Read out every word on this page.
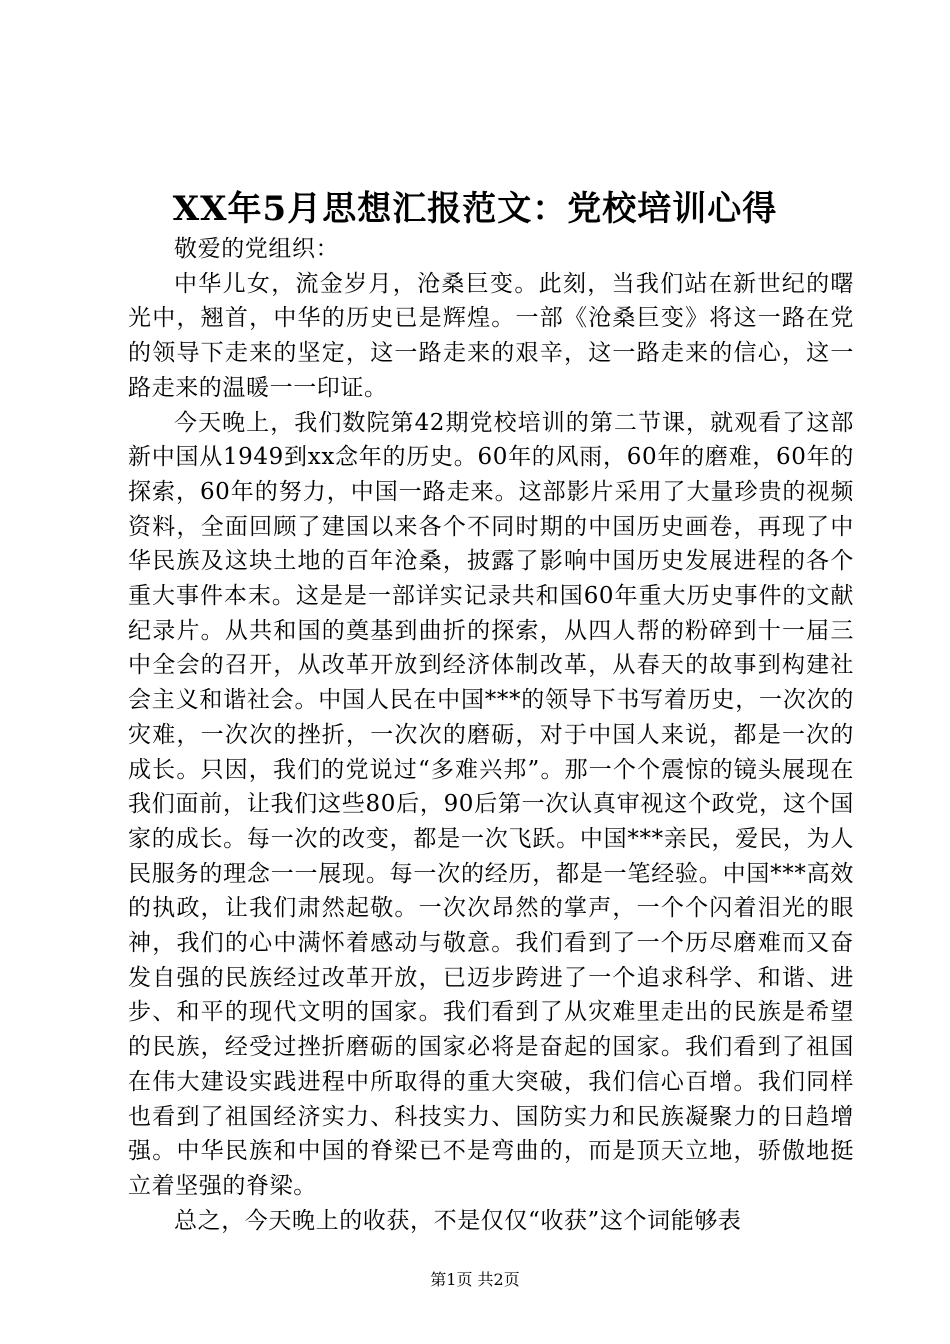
XX年5月思想汇报范文：党校培训心得

敬爱的党组织：

中华儿女，流金岁月，沧桑巨变。此刻，当我们站在新世纪的曙光中，翘首，中华的历史已是辉煌。一部《沧桑巨变》将这一路在党的领导下走来的坚定，这一路走来的艰辛，这一路走来的信心，这一路走来的温暖一一印证。

今天晚上，我们数院第42期党校培训的第二节课，就观看了这部新中国从1949到xx念年的历史。60年的风雨，60年的磨难，60年的探索，60年的努力，中国一路走来。这部影片采用了大量珍贵的视频资料，全面回顾了建国以来各个不同时期的中国历史画卷，再现了中华民族及这块土地的百年沧桑，披露了影响中国历史发展进程的各个重大事件本末。这是是一部详实记录共和国60年重大历史事件的文献纪录片。从共和国的奠基到曲折的探索，从四人帮的粉碎到十一届三中全会的召开，从改革开放到经济体制改革，从春天的故事到构建社会主义和谐社会。中国人民在中国***的领导下书写着历史，一次次的灾难，一次次的挫折，一次次的磨砺，对于中国人来说，都是一次的成长。只因，我们的党说过“多难兴邦”。那一个个震惊的镜头展现在我们面前，让我们这些80后，90后第一次认真审视这个政党，这个国家的成长。每一次的改变，都是一次飞跃。中国***亲民，爱民，为人民服务的理念一一展现。每一次的经历，都是一笔经验。中国***高效的执政，让我们肃然起敬。一次次昂然的掌声，一个个闪着泪光的眼神，我们的心中满怀着感动与敬意。我们看到了一个历尽磨难而又奋发自强的民族经过改革开放，已迈步跨进了一个追求科学、和谐、进步、和平的现代文明的国家。我们看到了从灾难里走出的民族是希望的民族，经受过挫折磨砺的国家必将是奋起的国家。我们看到了祖国在伟大建设实践进程中所取得的重大突破，我们信心百增。我们同样也看到了祖国经济实力、科技实力、国防实力和民族凝聚力的日趋增强。中华民族和中国的脊梁已不是弯曲的，而是顶天立地，骄傲地挺立着坚强的脊梁。

总之，今天晚上的收获，不是仅仅“收获”这个词能够表

第1页 共2页
